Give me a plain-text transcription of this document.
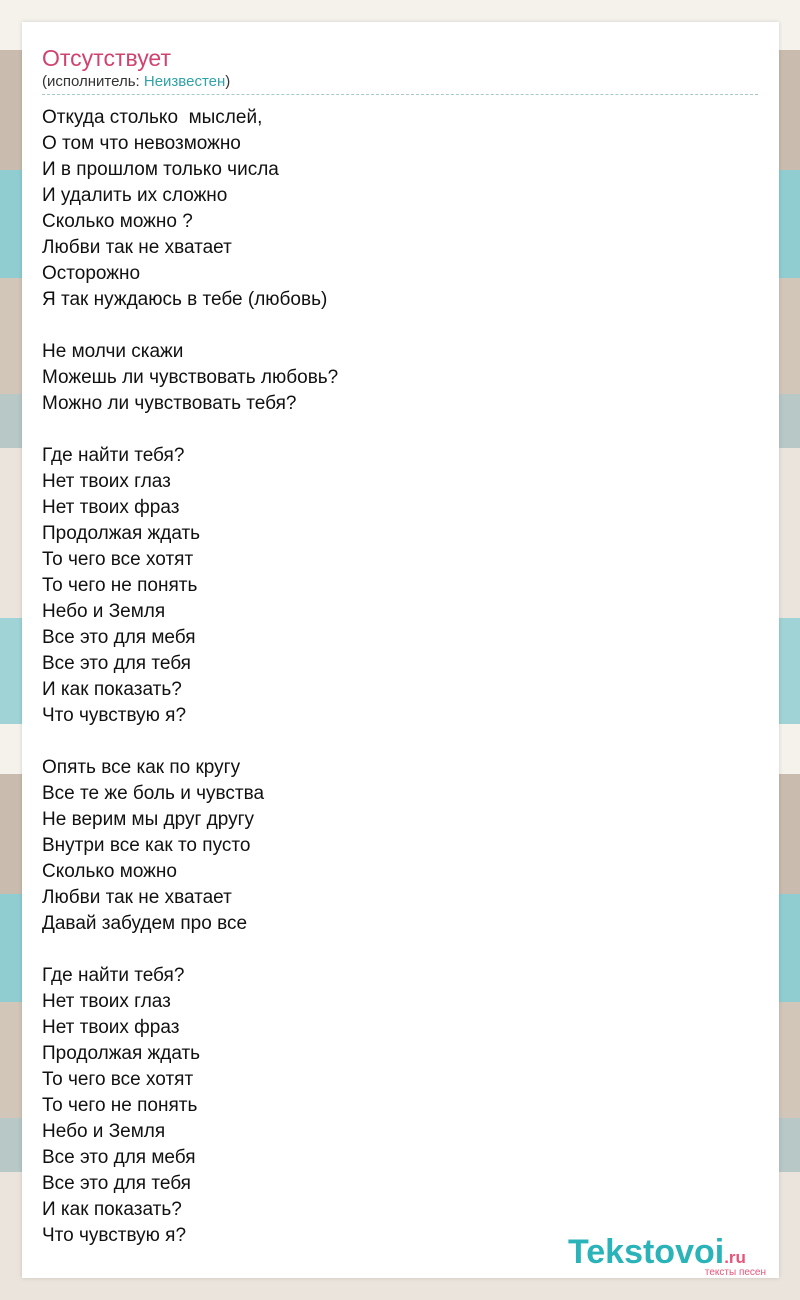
Отсутствует
(исполнитель: Неизвестен)
Откуда столько  мыслей,
О том что невозможно
И в прошлом только числа
И удалить их сложно
Сколько можно ?
Любви так не хватает
Осторожно
Я так нуждаюсь в тебе (любовь)

Не молчи скажи
Можешь ли чувствовать любовь?
Можно ли чувствовать тебя?

Где найти тебя?
Нет твоих глаз
Нет твоих фраз
Продолжая ждать
То чего все хотят
То чего не понять
Небо и Земля
Все это для мебя
Все это для тебя
И как показать?
Что чувствую я?

Опять все как по кругу
Все те же боль и чувства
Не верим мы друг другу
Внутри все как то пусто
Сколько можно
Любви так не хватает
Давай забудем про все

Где найти тебя?
Нет твоих глаз
Нет твоих фраз
Продолжая ждать
То чего все хотят
То чего не понять
Небо и Земля
Все это для мебя
Все это для тебя
И как показать?
Что чувствую я?	Tekstovoi.ru
тексты песен
